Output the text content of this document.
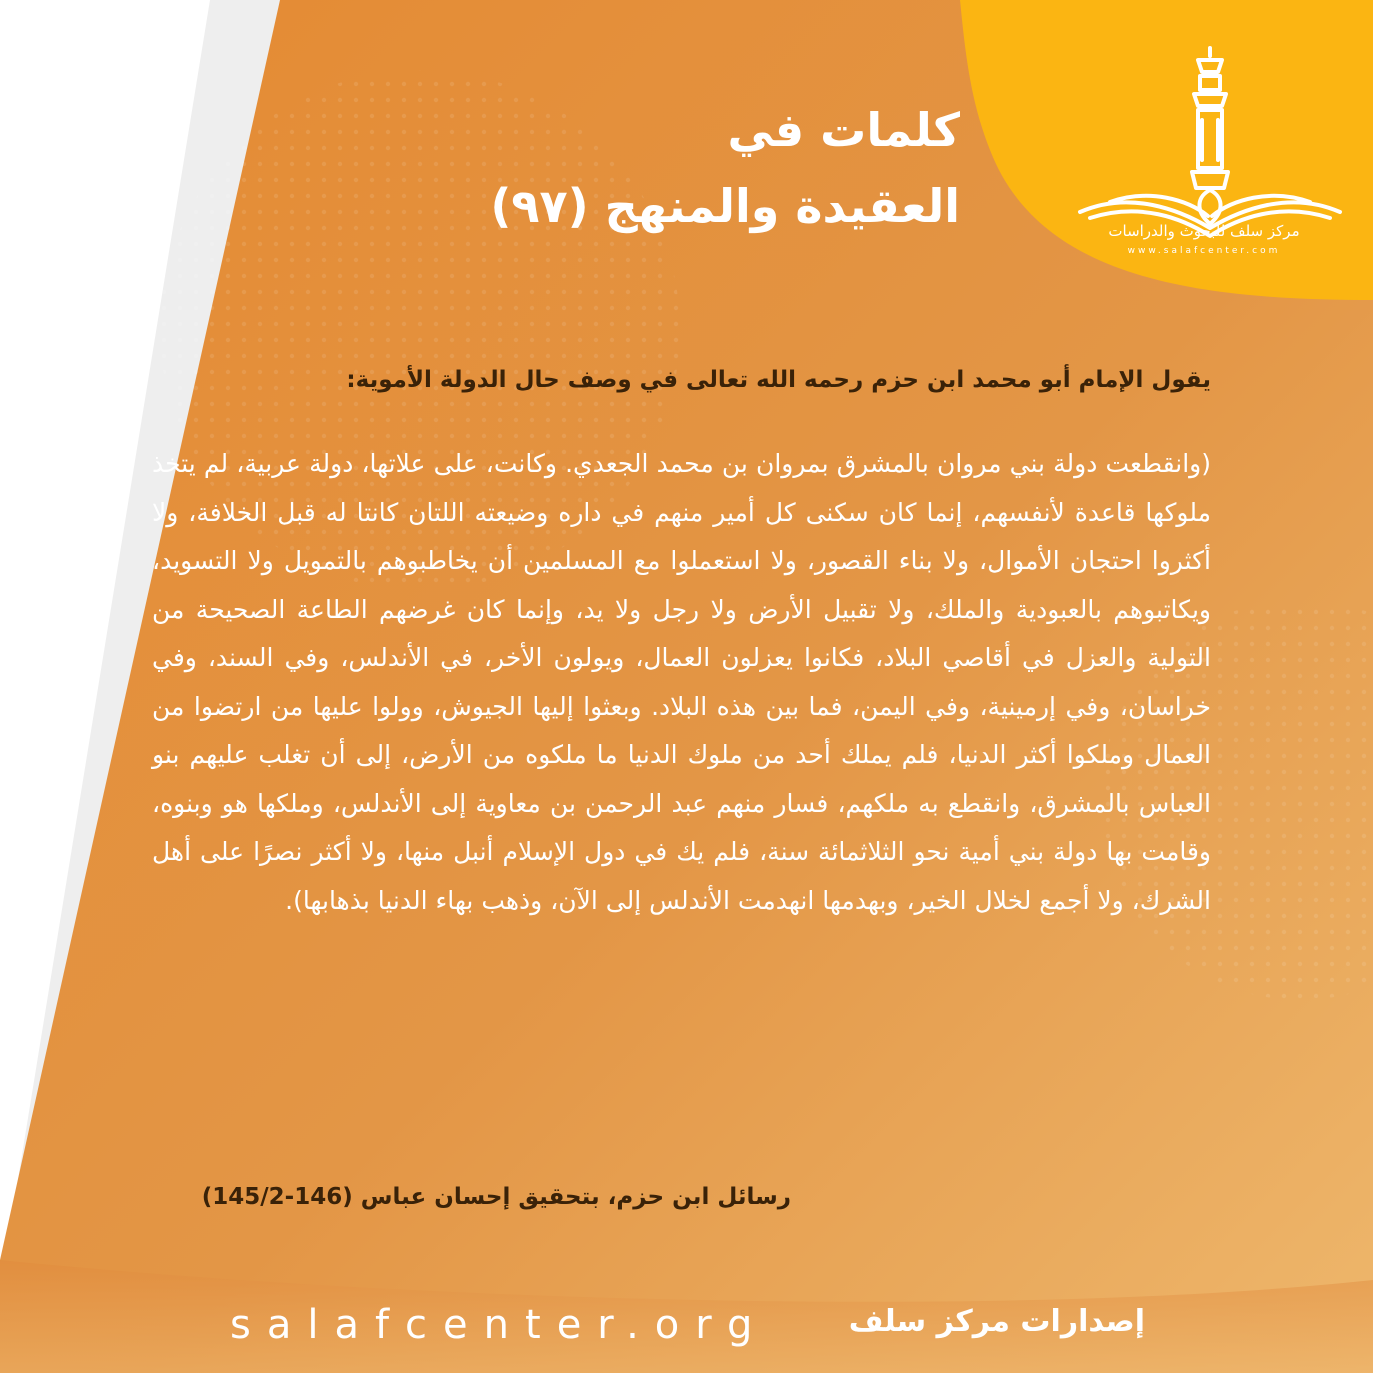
كلمات في
العقيدة والمنهج (٩٧)	مركز سلف للبحوث والدراسات
www.salafcenter.com
يقول الإمام أبو محمد ابن حزم رحمه الله تعالى في وصف حال الدولة الأموية:
(وانقطعت دولة بني مروان بالمشرق بمروان بن محمد الجعدي. وكانت، على علاتها، دولة عربية، لم يتخذ ملوكها قاعدة لأنفسهم، إنما كان سكنى كل أمير منهم في داره وضيعته اللتان كانتا له قبل الخلافة، ولا أكثروا احتجان الأموال، ولا بناء القصور، ولا استعملوا مع المسلمين أن يخاطبوهم بالتمويل ولا التسويد، ويكاتبوهم بالعبودية والملك، ولا تقبيل الأرض ولا رجل ولا يد، وإنما كان غرضهم الطاعة الصحيحة من التولية والعزل في أقاصي البلاد، فكانوا يعزلون العمال، ويولون الأخر، في الأندلس، وفي السند، وفي خراسان، وفي إرمينية، وفي اليمن، فما بين هذه البلاد. وبعثوا إليها الجيوش، وولوا عليها من ارتضوا من العمال وملكوا أكثر الدنيا، فلم يملك أحد من ملوك الدنيا ما ملكوه من الأرض، إلى أن تغلب عليهم بنو العباس بالمشرق، وانقطع به ملكهم، فسار منهم عبد الرحمن بن معاوية إلى الأندلس، وملكها هو وبنوه، وقامت بها دولة بني أمية نحو الثلاثمائة سنة، فلم يك في دول الإسلام أنبل منها، ولا أكثر نصرًا على أهل الشرك، ولا أجمع لخلال الخير، وبهدمها انهدمت الأندلس إلى الآن، وذهب بهاء الدنيا بذهابها).
رسائل ابن حزم، بتحقيق إحسان عباس (146-145/2)
salafcenter.org	إصدارات مركز سلف
